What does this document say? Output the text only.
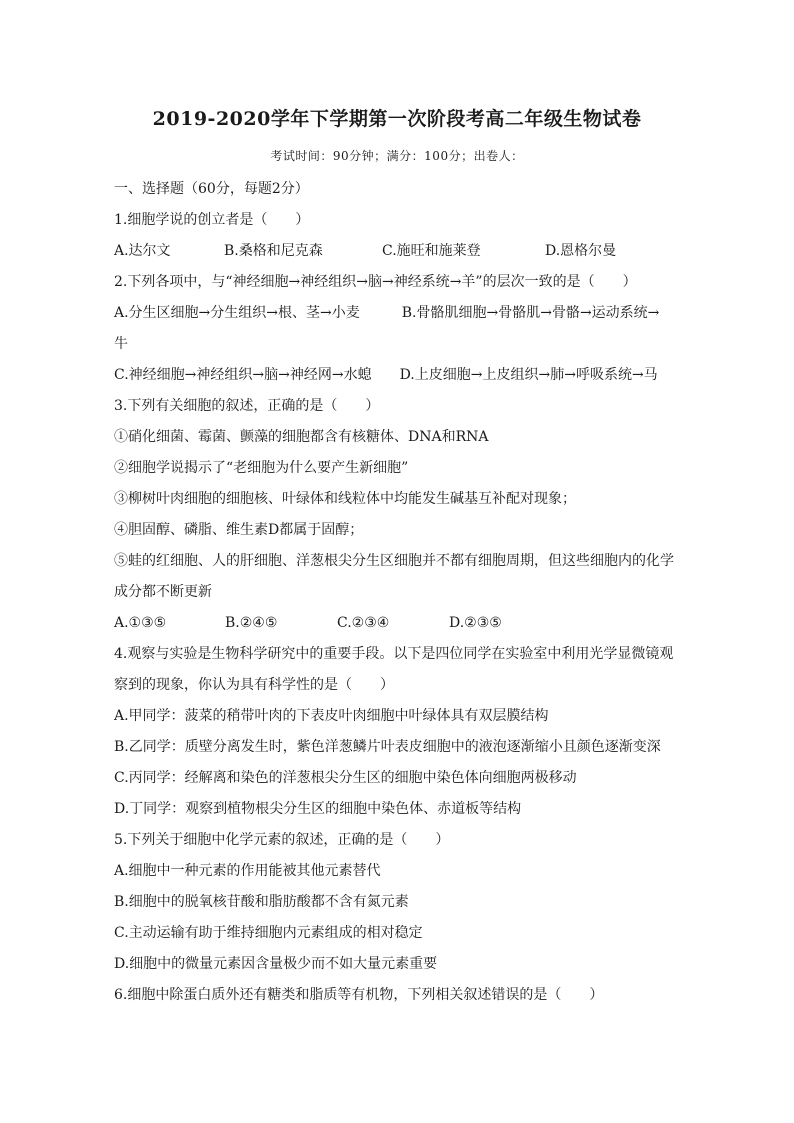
2019-2020学年下学期第一次阶段考高二年级生物试卷
考试时间：90分钟；满分：100分；出卷人：
一、选择题（60分，每题2分）
1.细胞学说的创立者是（　　）
A.达尔文	B.桑格和尼克森	C.施旺和施莱登	D.恩格尔曼
2.下列各项中，与“神经细胞→神经组织→脑→神经系统→羊”的层次一致的是（　　）
A.分生区细胞→分生组织→根、茎→小麦　　　B.骨骼肌细胞→骨骼肌→骨骼→运动系统→
牛
C.神经细胞→神经组织→脑→神经网→水螅　　D.上皮细胞→上皮组织→肺→呼吸系统→马
3.下列有关细胞的叙述，正确的是（　　）
①硝化细菌、霉菌、颤藻的细胞都含有核糖体、DNA和RNA
②细胞学说揭示了“老细胞为什么要产生新细胞”
③柳树叶肉细胞的细胞核、叶绿体和线粒体中均能发生碱基互补配对现象；
④胆固醇、磷脂、维生素D都属于固醇；
⑤蛙的红细胞、人的肝细胞、洋葱根尖分生区细胞并不都有细胞周期，但这些细胞内的化学
成分都不断更新
A.①③⑤	B.②④⑤	C.②③④	D.②③⑤
4.观察与实验是生物科学研究中的重要手段。以下是四位同学在实验室中利用光学显微镜观
察到的现象，你认为具有科学性的是（　　）
A.甲同学：菠菜的稍带叶肉的下表皮叶肉细胞中叶绿体具有双层膜结构
B.乙同学：质壁分离发生时，紫色洋葱鳞片叶表皮细胞中的液泡逐渐缩小且颜色逐渐变深
C.丙同学：经解离和染色的洋葱根尖分生区的细胞中染色体向细胞两极移动
D.丁同学：观察到植物根尖分生区的细胞中染色体、赤道板等结构
5.下列关于细胞中化学元素的叙述，正确的是（　　）
A.细胞中一种元素的作用能被其他元素替代
B.细胞中的脱氧核苷酸和脂肪酸都不含有氮元素
C.主动运输有助于维持细胞内元素组成的相对稳定
D.细胞中的微量元素因含量极少而不如大量元素重要
6.细胞中除蛋白质外还有糖类和脂质等有机物，下列相关叙述错误的是（　　）
